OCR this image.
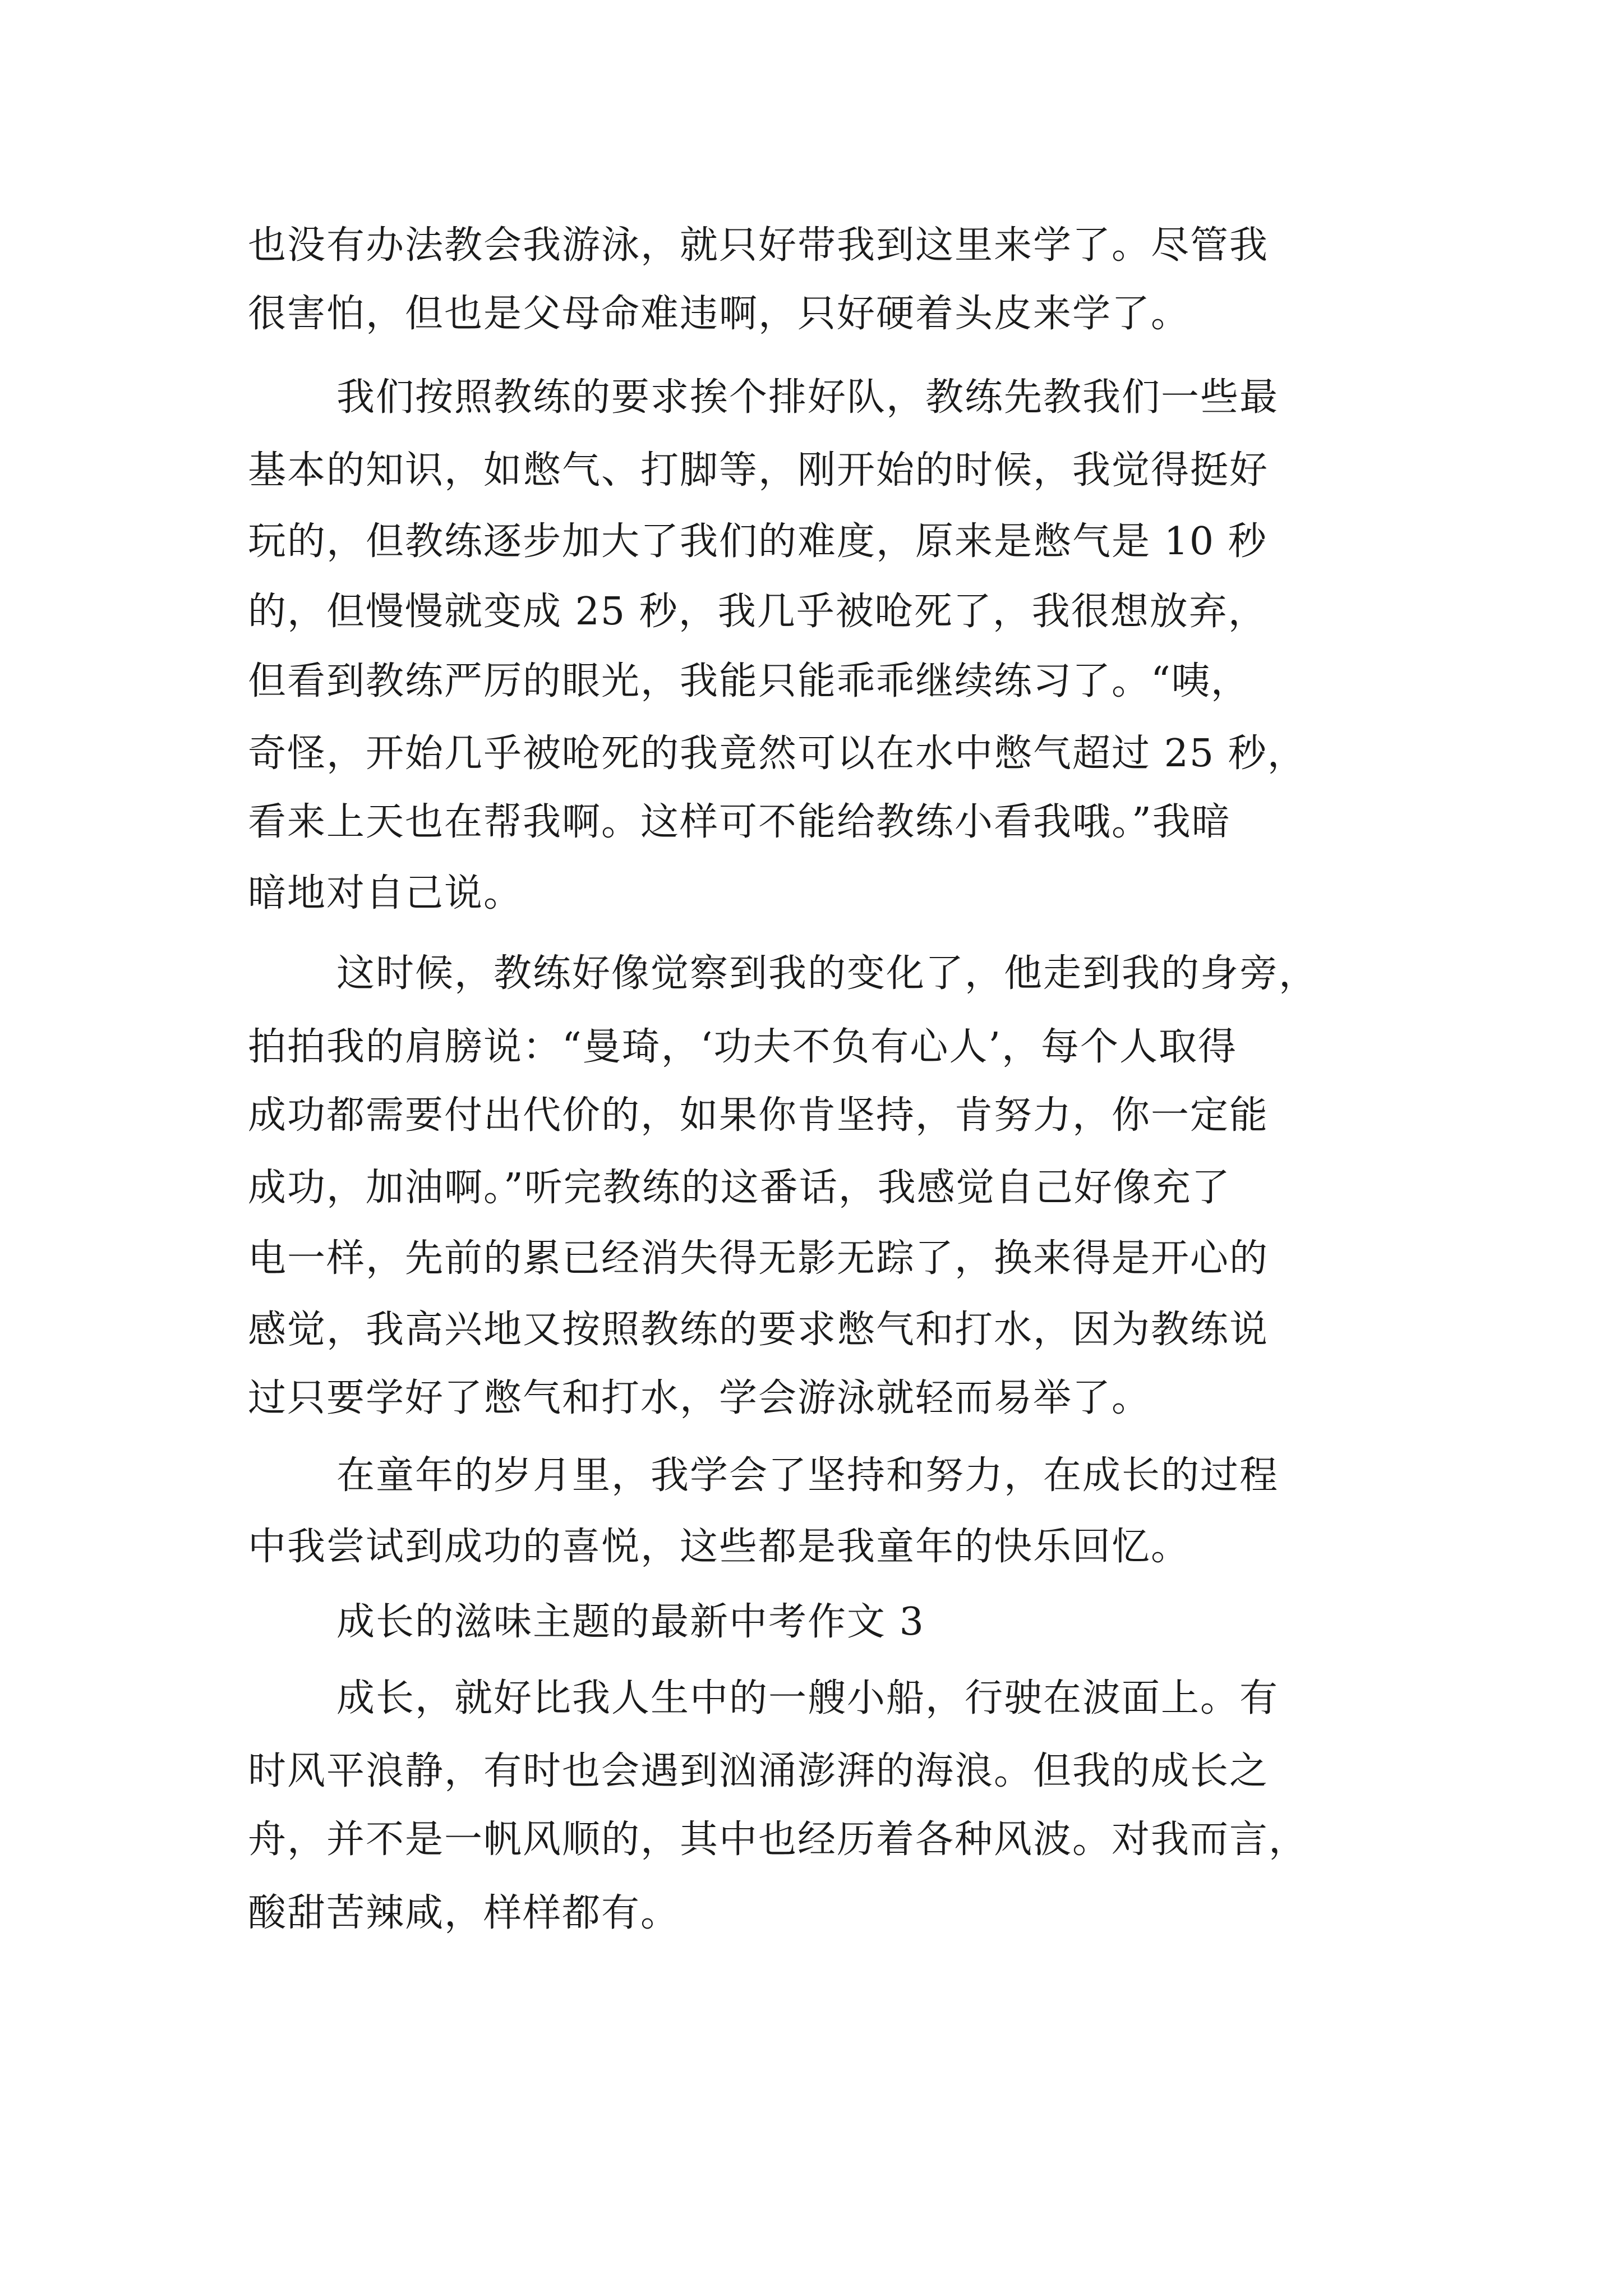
也没有办法教会我游泳，就只好带我到这里来学了。尽管我
很害怕，但也是父母命难违啊，只好硬着头皮来学了。
我们按照教练的要求挨个排好队，教练先教我们一些最
基本的知识，如憋气、打脚等，刚开始的时候，我觉得挺好
玩的，但教练逐步加大了我们的难度，原来是憋气是 10 秒
的，但慢慢就变成 25 秒，我几乎被呛死了，我很想放弃，
但看到教练严厉的眼光，我能只能乖乖继续练习了。“咦，
奇怪，开始几乎被呛死的我竟然可以在水中憋气超过 25 秒，
看来上天也在帮我啊。这样可不能给教练小看我哦。”我暗
暗地对自己说。
这时候，教练好像觉察到我的变化了，他走到我的身旁，
拍拍我的肩膀说：“曼琦，‘功夫不负有心人’，每个人取得
成功都需要付出代价的，如果你肯坚持，肯努力，你一定能
成功，加油啊。”听完教练的这番话，我感觉自己好像充了
电一样，先前的累已经消失得无影无踪了，换来得是开心的
感觉，我高兴地又按照教练的要求憋气和打水，因为教练说
过只要学好了憋气和打水，学会游泳就轻而易举了。
在童年的岁月里，我学会了坚持和努力，在成长的过程
中我尝试到成功的喜悦，这些都是我童年的快乐回忆。
成长的滋味主题的最新中考作文 3
成长，就好比我人生中的一艘小船，行驶在波面上。有
时风平浪静，有时也会遇到汹涌澎湃的海浪。但我的成长之
舟，并不是一帆风顺的，其中也经历着各种风波。对我而言，
酸甜苦辣咸，样样都有。
